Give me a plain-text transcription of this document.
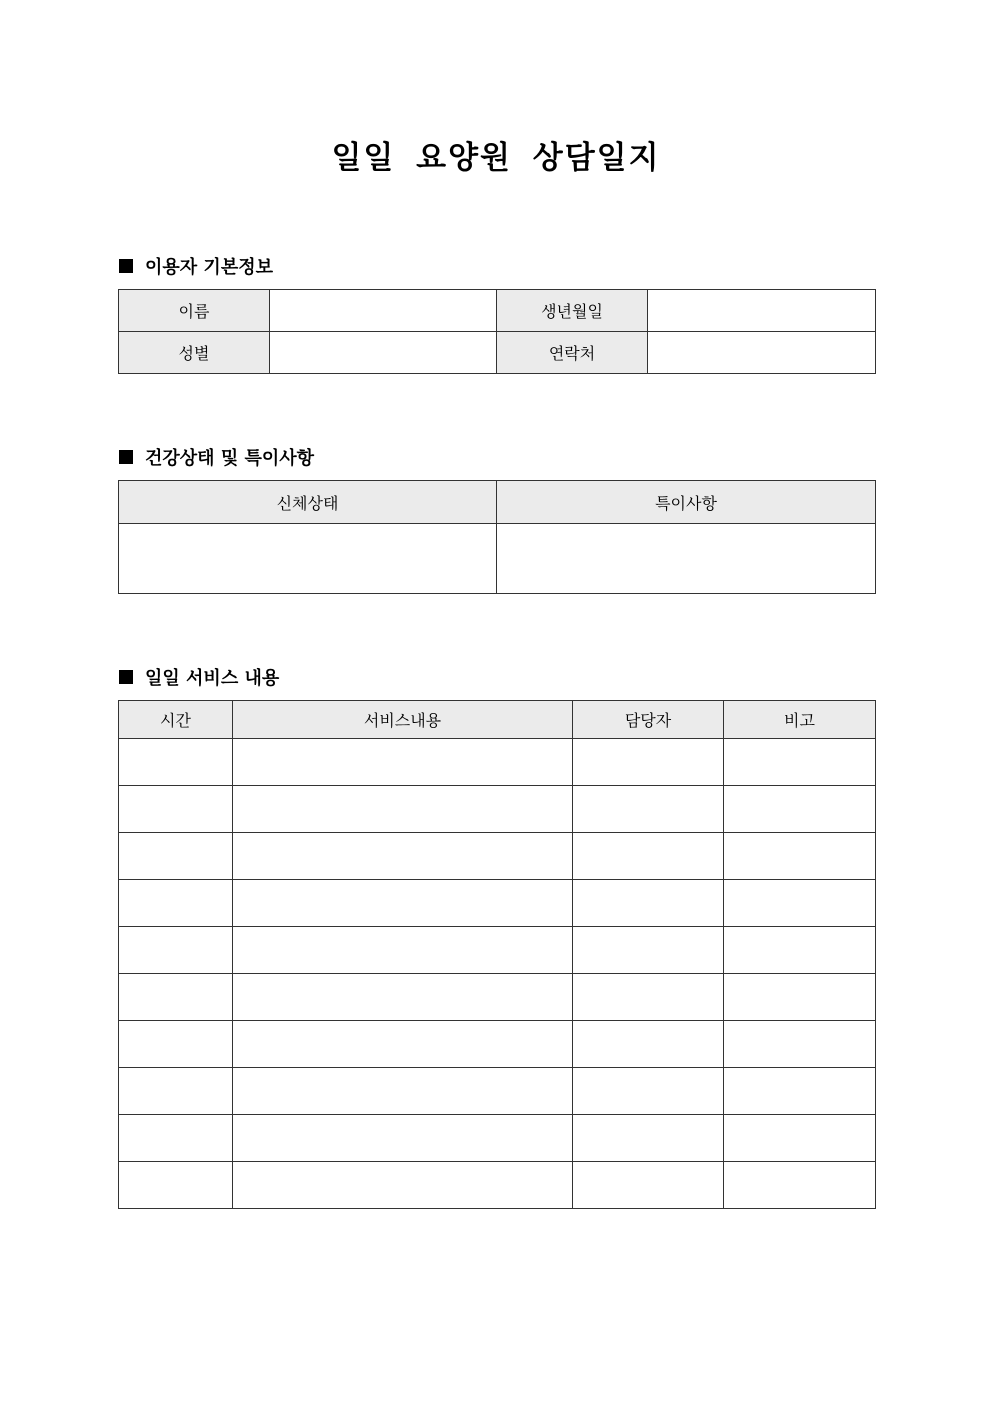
일일 요양원 상담일지
이용자 기본정보
이름		생년월일	
성별		연락처	
건강상태 및 특이사항
신체상태	특이사항

일일 서비스 내용
시간	서비스내용	담당자	비고
